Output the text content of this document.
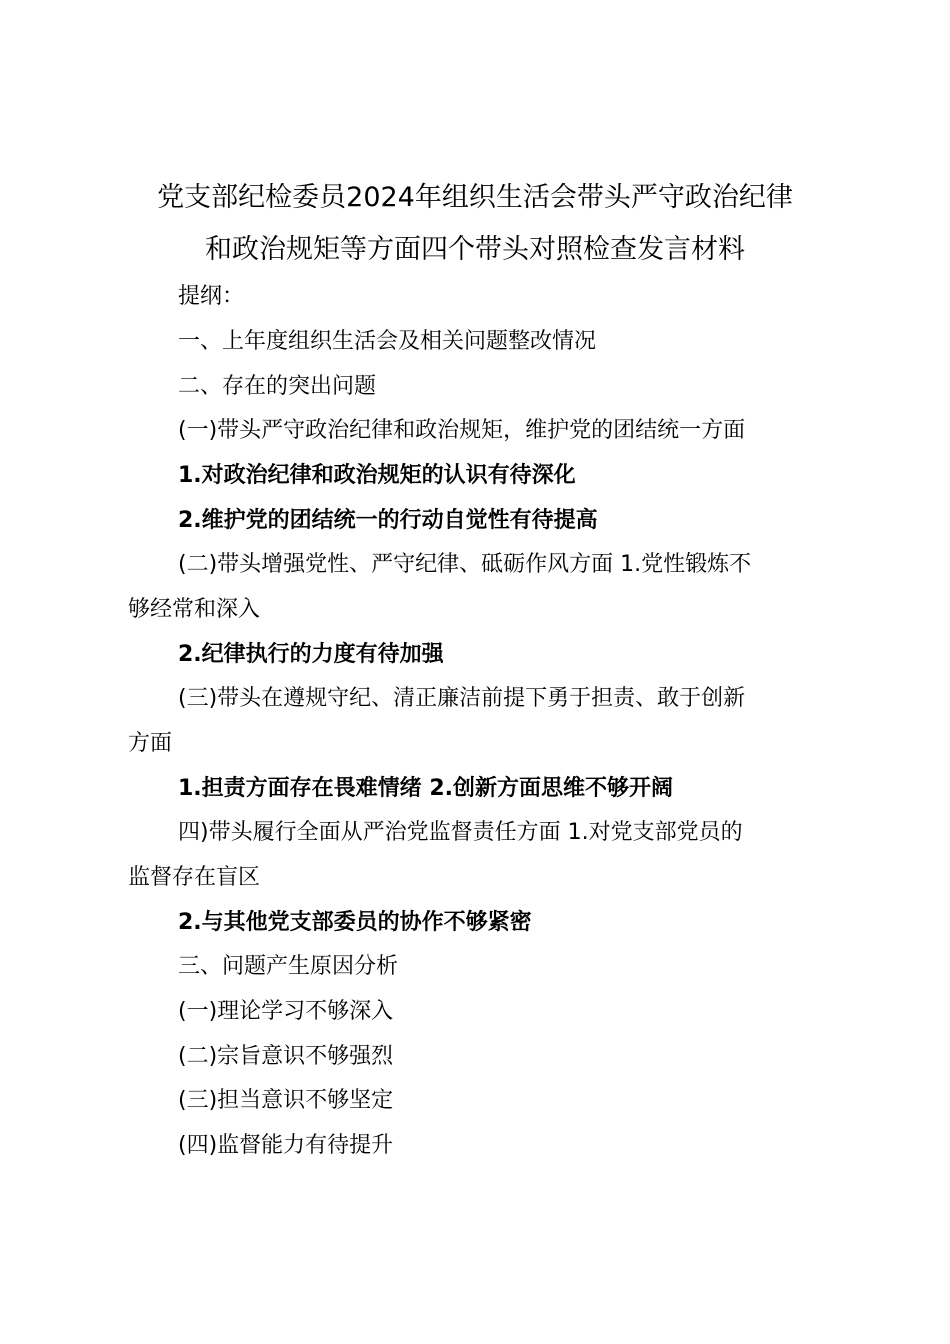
党支部纪检委员2024年组织生活会带头严守政治纪律
和政治规矩等方面四个带头对照检查发言材料
提纲：
一、上年度组织生活会及相关问题整改情况
二、存在的突出问题
(一)带头严守政治纪律和政治规矩，维护党的团结统一方面
1.对政治纪律和政治规矩的认识有待深化
2.维护党的团结统一的行动自觉性有待提高
(二)带头增强党性、严守纪律、砥砺作风方面 1.党性锻炼不
够经常和深入
2.纪律执行的力度有待加强
(三)带头在遵规守纪、清正廉洁前提下勇于担责、敢于创新
方面
1.担责方面存在畏难情绪 2.创新方面思维不够开阔
四)带头履行全面从严治党监督责任方面 1.对党支部党员的
监督存在盲区
2.与其他党支部委员的协作不够紧密
三、问题产生原因分析
(一)理论学习不够深入
(二)宗旨意识不够强烈
(三)担当意识不够坚定
(四)监督能力有待提升
